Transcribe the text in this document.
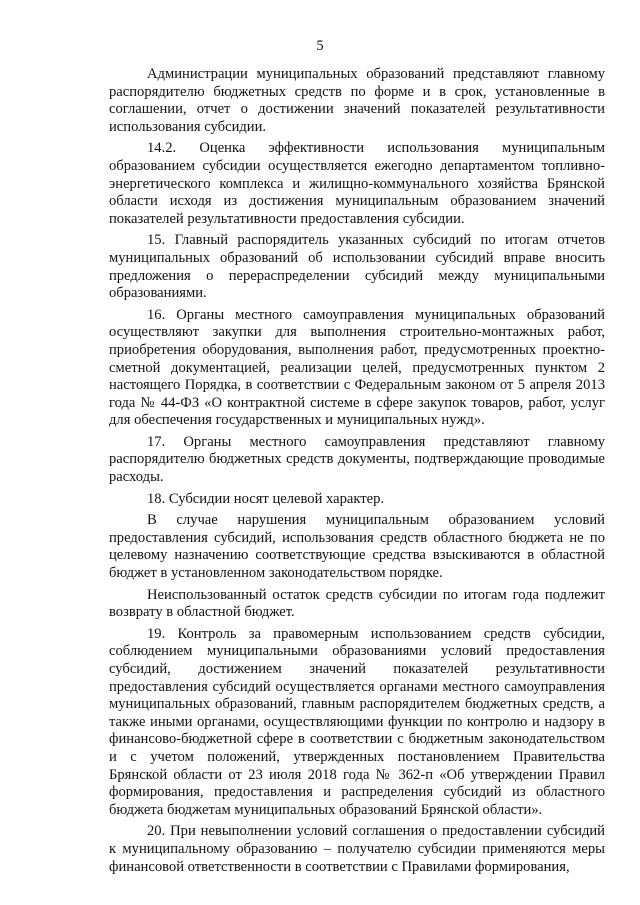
5

Администрации муниципальных образований представляют главному распорядителю бюджетных средств по форме и в срок, установленные в соглашении, отчет о достижении значений показателей результативности использования субсидии.

14.2. Оценка эффективности использования муниципальным образованием субсидии осуществляется ежегодно департаментом топливно-энергетического комплекса и жилищно-коммунального хозяйства Брянской области исходя из достижения муниципальным образованием значений показателей результативности предоставления субсидии.

15. Главный распорядитель указанных субсидий по итогам отчетов муниципальных образований об использовании субсидий вправе вносить предложения о перераспределении субсидий между муниципальными образованиями.

16. Органы местного самоуправления муниципальных образований осуществляют закупки для выполнения строительно-монтажных работ, приобретения оборудования, выполнения работ, предусмотренных проектно-сметной документацией, реализации целей, предусмотренных пунктом 2 настоящего Порядка, в соответствии с Федеральным законом от 5 апреля 2013 года № 44-ФЗ «О контрактной системе в сфере закупок товаров, работ, услуг для обеспечения государственных и муниципальных нужд».

17. Органы местного самоуправления представляют главному распорядителю бюджетных средств документы, подтверждающие проводимые расходы.

18. Субсидии носят целевой характер.

В случае нарушения муниципальным образованием условий предоставления субсидий, использования средств областного бюджета не по целевому назначению соответствующие средства взыскиваются в областной бюджет в установленном законодательством порядке.

Неиспользованный остаток средств субсидии по итогам года подлежит возврату в областной бюджет.

19. Контроль за правомерным использованием средств субсидии, соблюдением муниципальными образованиями условий предоставления субсидий, достижением значений показателей результативности предоставления субсидий осуществляется органами местного самоуправления муниципальных образований, главным распорядителем бюджетных средств, а также иными органами, осуществляющими функции по контролю и надзору в финансово-бюджетной сфере в соответствии с бюджетным законодательством и с учетом положений, утвержденных постановлением Правительства Брянской области от 23 июля 2018 года № 362-п «Об утверждении Правил формирования, предоставления и распределения субсидий из областного бюджета бюджетам муниципальных образований Брянской области».

20. При невыполнении условий соглашения о предоставлении субсидий к муниципальному образованию – получателю субсидии применяются меры финансовой ответственности в соответствии с Правилами формирования,
